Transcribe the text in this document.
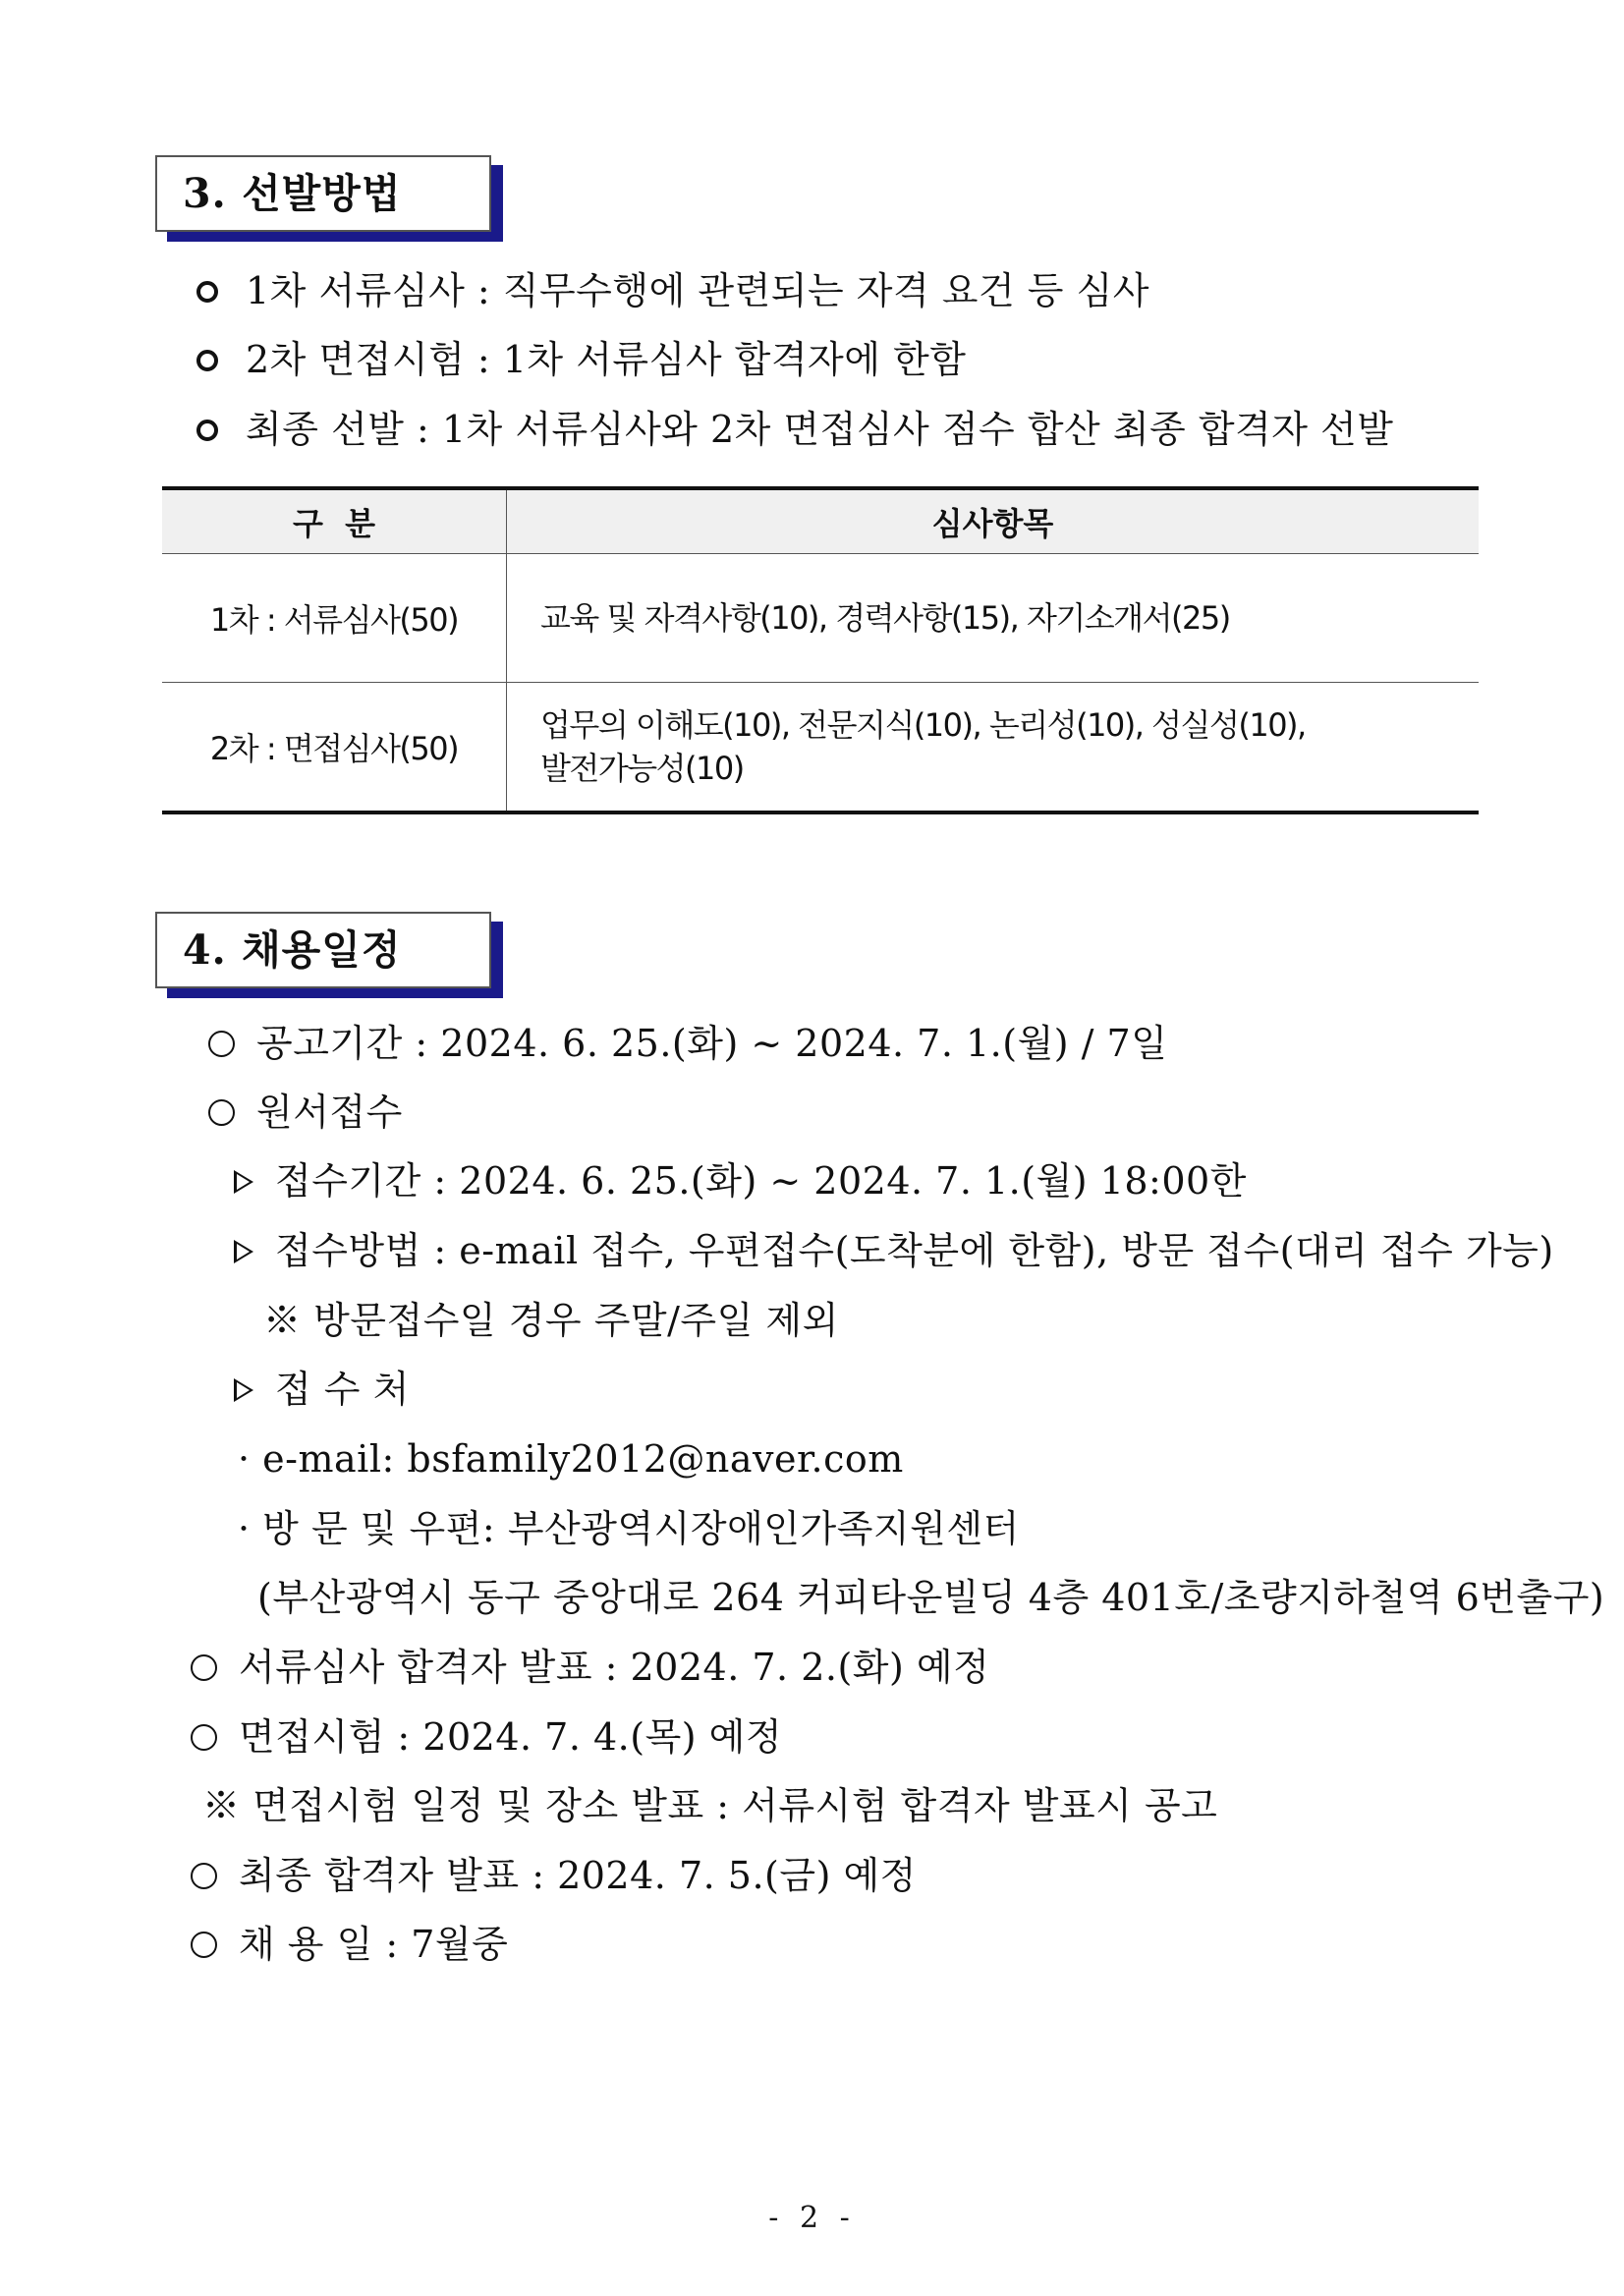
3. 선발방법
1차 서류심사 : 직무수행에 관련되는 자격 요건 등 심사
2차 면접시험 : 1차 서류심사 합격자에 한함
최종 선발 : 1차 서류심사와 2차 면접심사 점수 합산 최종 합격자 선발
구  분	심사항목
1차 : 서류심사(50)	교육 및 자격사항(10), 경력사항(15), 자기소개서(25)

2차 : 면접심사(50)	업무의 이해도(10), 전문지식(10), 논리성(10), 성실성(10),
발전가능성(10)
4. 채용일정
공고기간 : 2024. 6. 25.(화) ~ 2024. 7. 1.(월) / 7일
원서접수
접수기간 : 2024. 6. 25.(화) ~ 2024. 7. 1.(월) 18:00한
접수방법 : e-mail 접수, 우편접수(도착분에 한함), 방문 접수(대리 접수 가능)
※ 방문접수일 경우 주말/주일 제외
접 수 처
· e-mail: bsfamily2012@naver.com
· 방 문 및 우편: 부산광역시장애인가족지원센터
(부산광역시 동구 중앙대로 264 커피타운빌딩 4층 401호/초량지하철역 6번출구)
서류심사 합격자 발표 : 2024. 7. 2.(화) 예정
면접시험 : 2024. 7. 4.(목) 예정
※ 면접시험 일정 및 장소 발표 : 서류시험 합격자 발표시 공고
최종 합격자 발표 : 2024. 7. 5.(금) 예정
채 용 일 : 7월중
- 2 -
